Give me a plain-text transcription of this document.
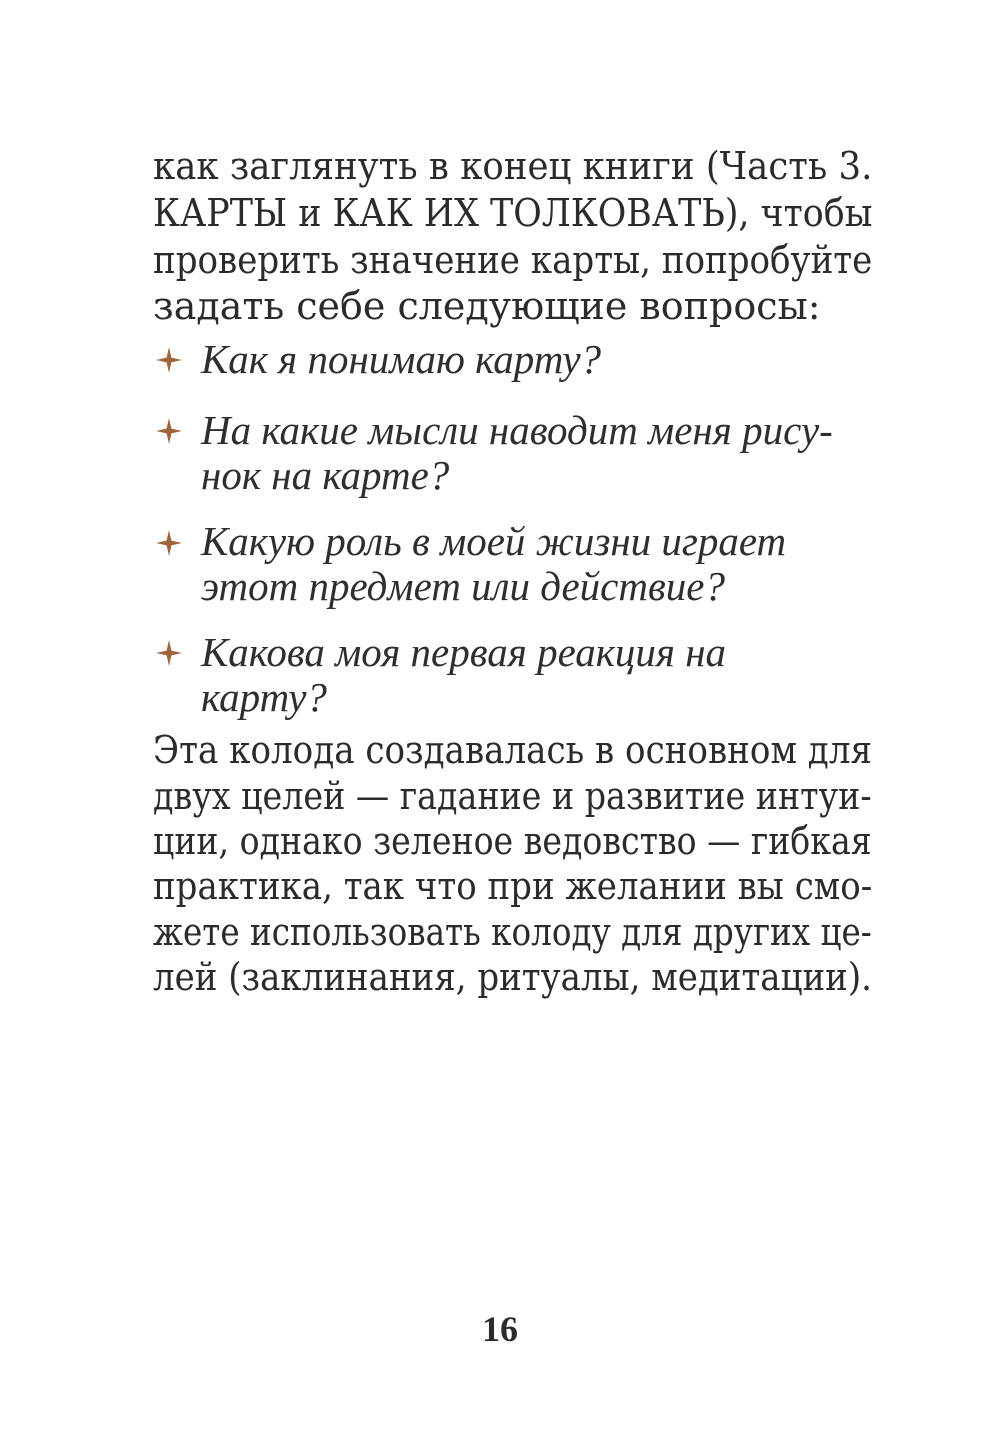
как заглянуть в конец книги (Часть 3.
КАРТЫ и КАК ИХ ТОЛКОВАТЬ), чтобы
проверить значение карты, попробуйте
задать себе следующие вопросы:
Как я понимаю карту?
На какие мысли наводит меня рису-
нок на карте?
Какую роль в моей жизни играет
этот предмет или действие?
Какова моя первая реакция на
карту?
Эта колода создавалась в основном для
двух целей — гадание и развитие интуи-
ции, однако зеленое ведовство — гибкая
практика, так что при желании вы смо-
жете использовать колоду для других це-
лей (заклинания, ритуалы, медитации).
16
